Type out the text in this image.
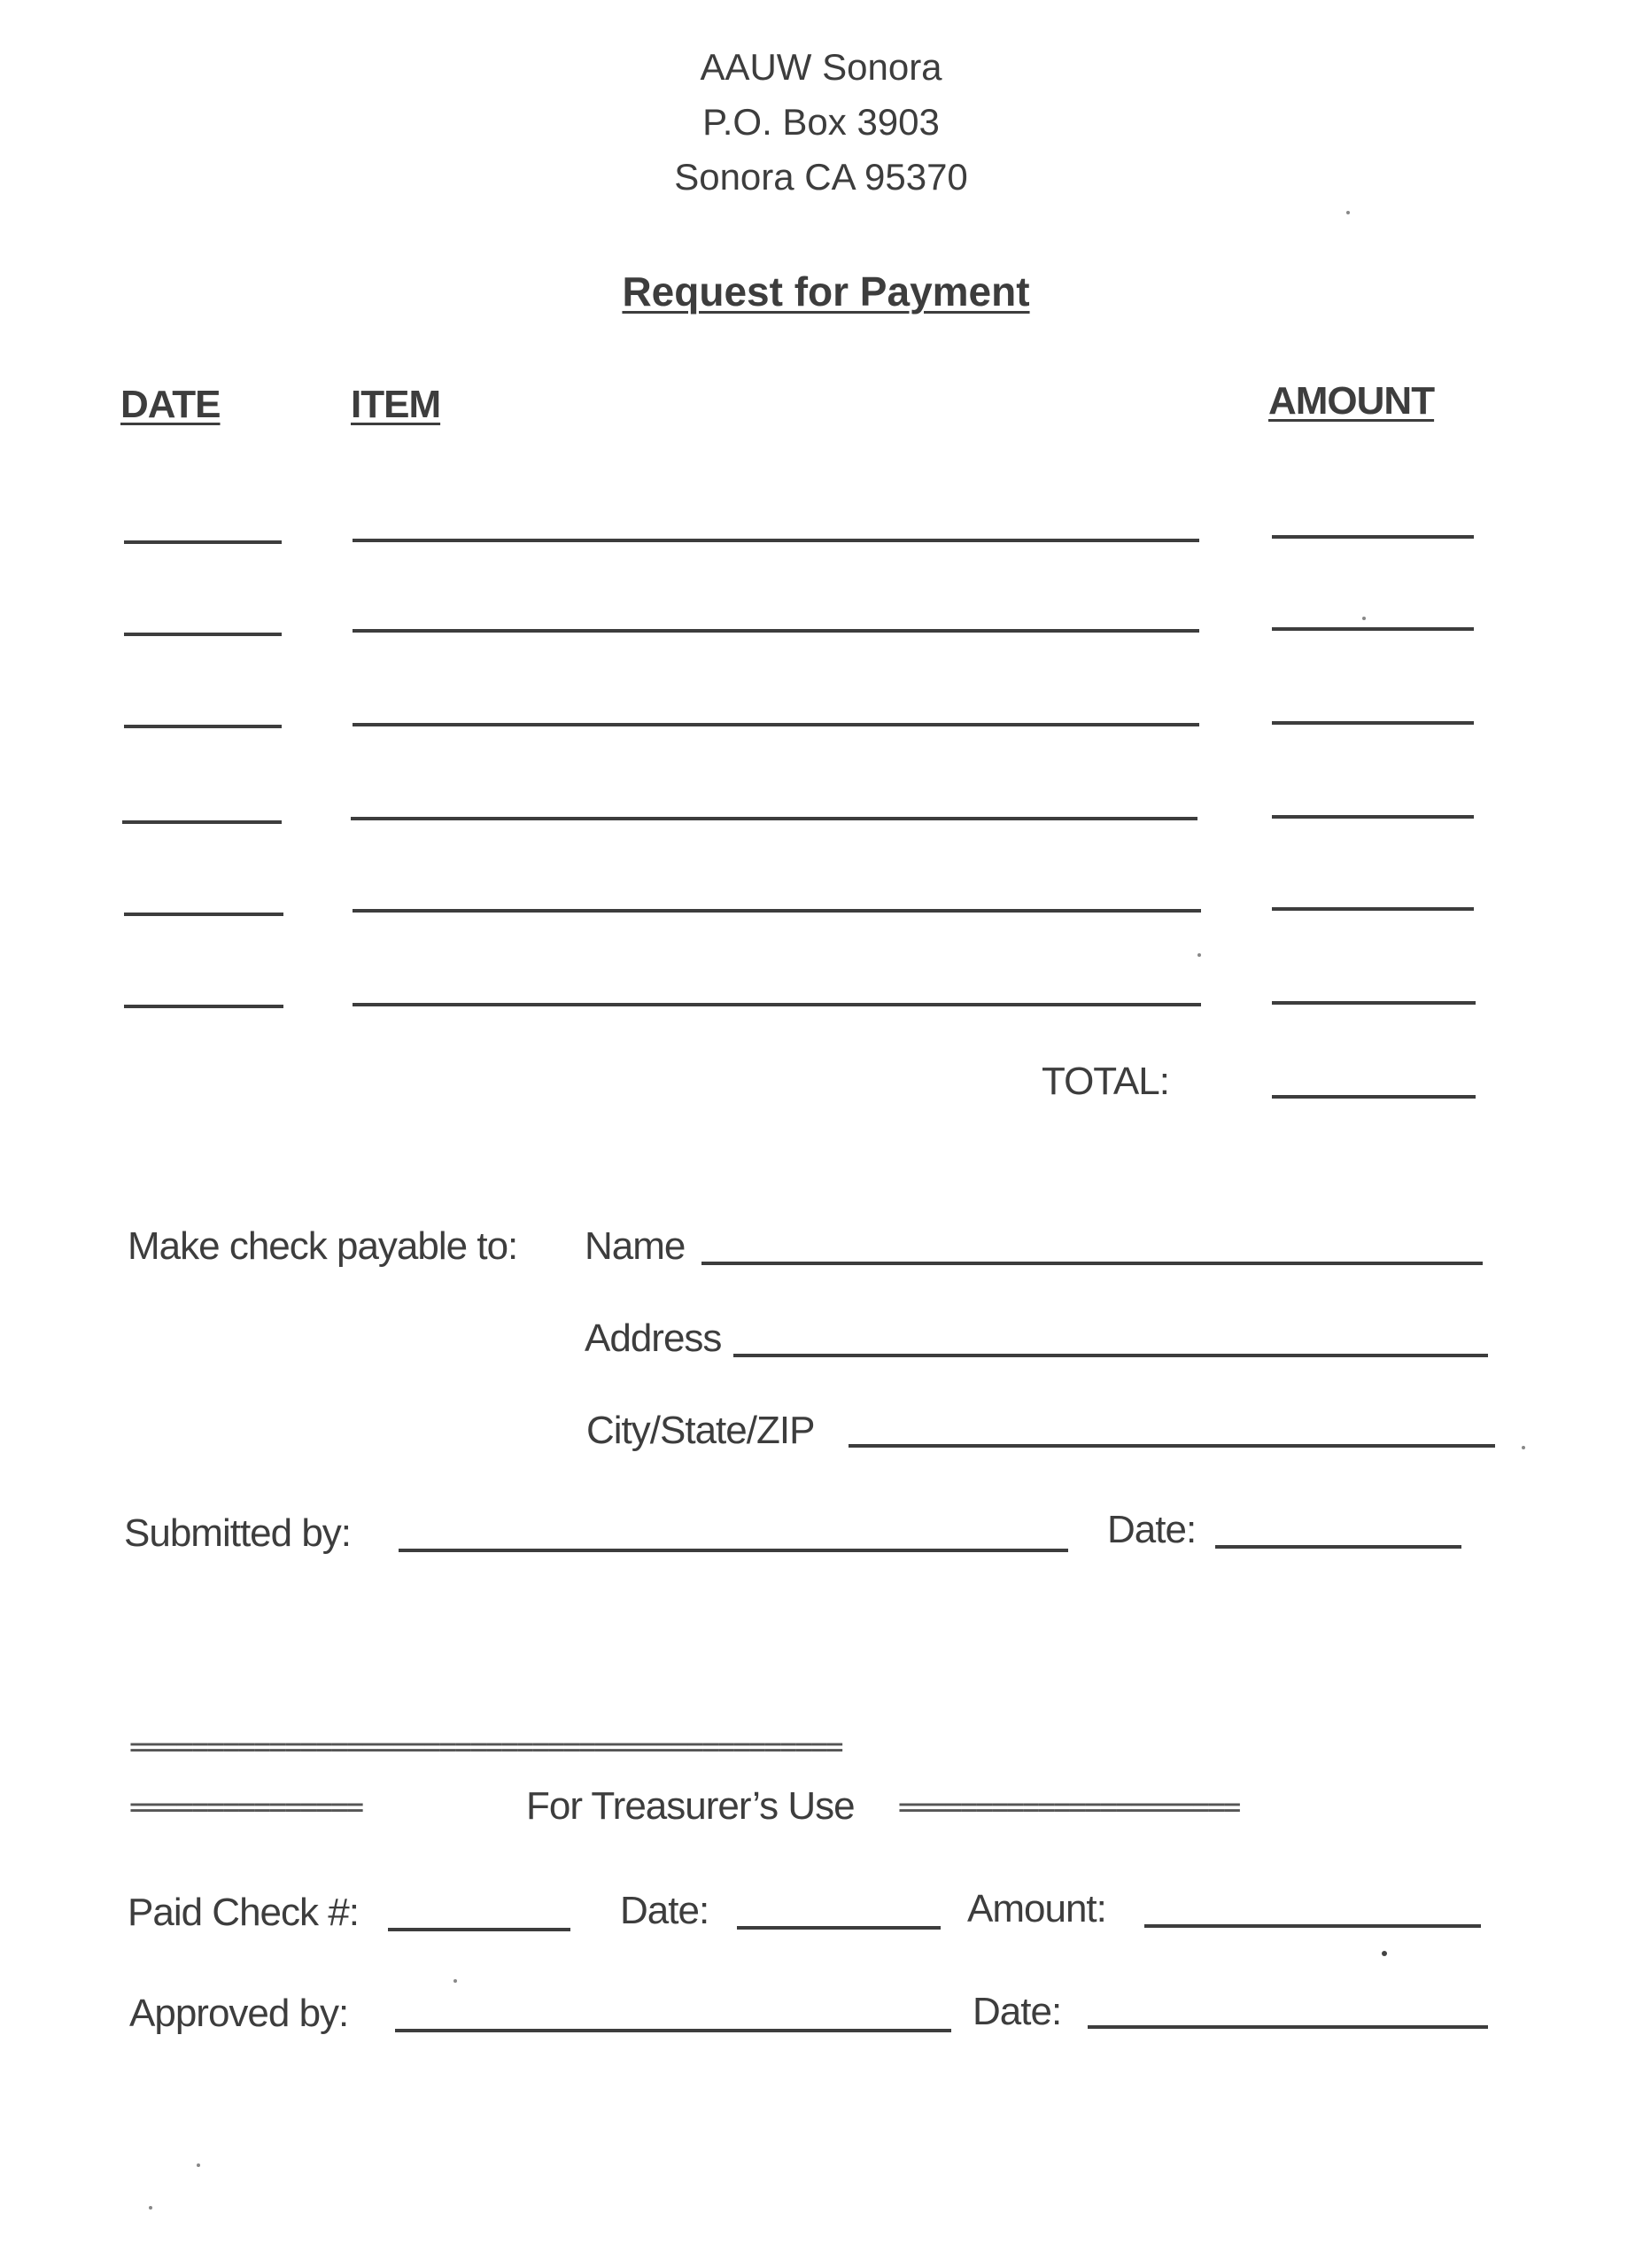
AAUW Sonora
P.O. Box 3903
Sonora CA 95370
Request for Payment
DATE	ITEM	AMOUNT
TOTAL:
Make check payable to: Name
Address
City/State/ZIP
Submitted by:	Date:
==============================================
===============	For Treasurer’s Use ======================
Paid Check #:	Date:	Amount:
Approved by:	Date:
